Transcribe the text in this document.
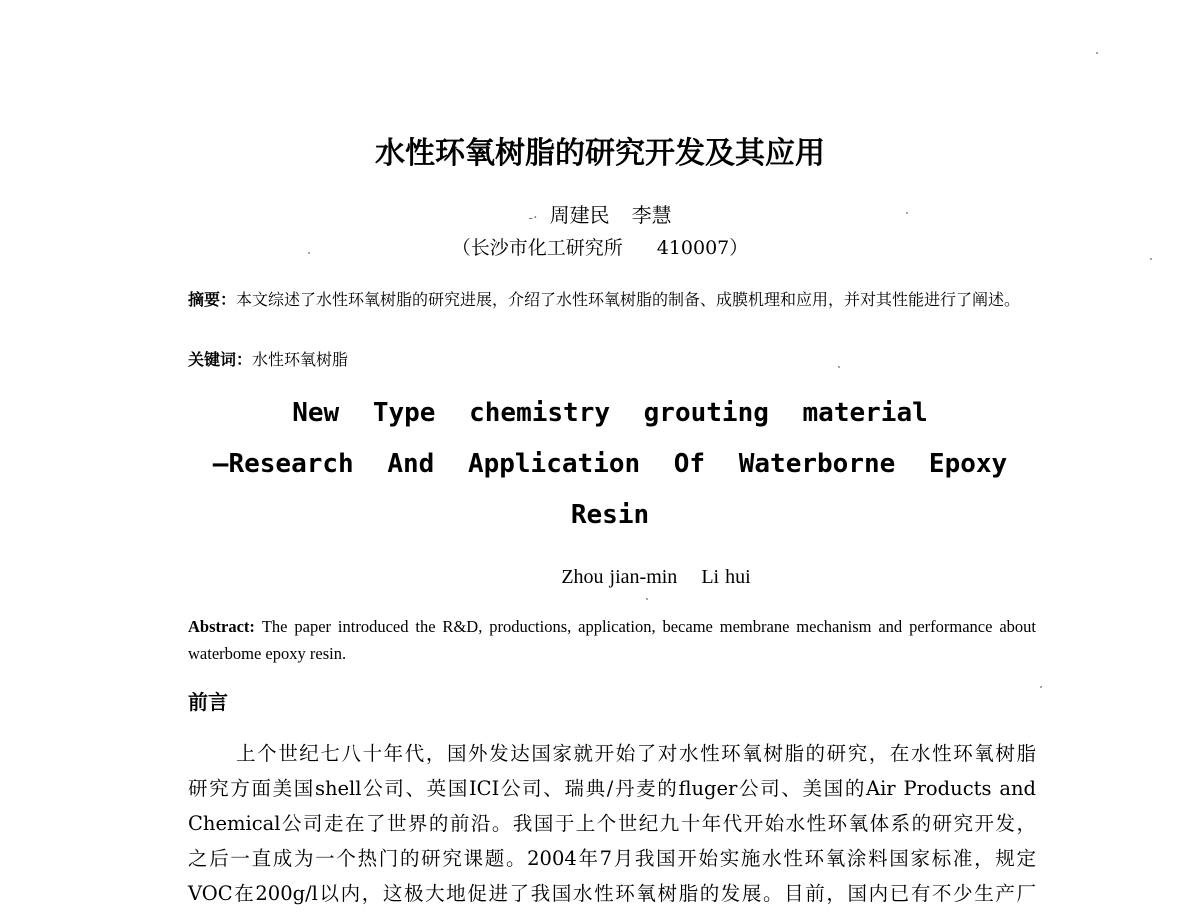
水性环氧树脂的研究开发及其应用
-· 周建民 李慧
（长沙市化工研究所 410007）
摘要：本文综述了水性环氧树脂的研究进展，介绍了水性环氧树脂的制备、成膜机理和应用，并对其性能进行了阐述。
关键词：水性环氧树脂
New Type chemistry grouting material
—Research And Application Of Waterborne Epoxy
Resin
Zhou jian-min Li hui
Abstract: The paper introduced the R&D, productions, application, became membrane mechanism and performance about waterbome epoxy resin.
前言
上个世纪七八十年代，国外发达国家就开始了对水性环氧树脂的研究，在水性环氧树脂
研究方面美国shell公司、英国ICI公司、瑞典/丹麦的fluger公司、美国的Air Products and
Chemical公司走在了世界的前沿。我国于上个世纪九十年代开始水性环氧体系的研究开发，
之后一直成为一个热门的研究课题。2004年7月我国开始实施水性环氧涂料国家标准，规定
VOC在200g/l以内，这极大地促进了我国水性环氧树脂的发展。目前，国内已有不少生产厂
